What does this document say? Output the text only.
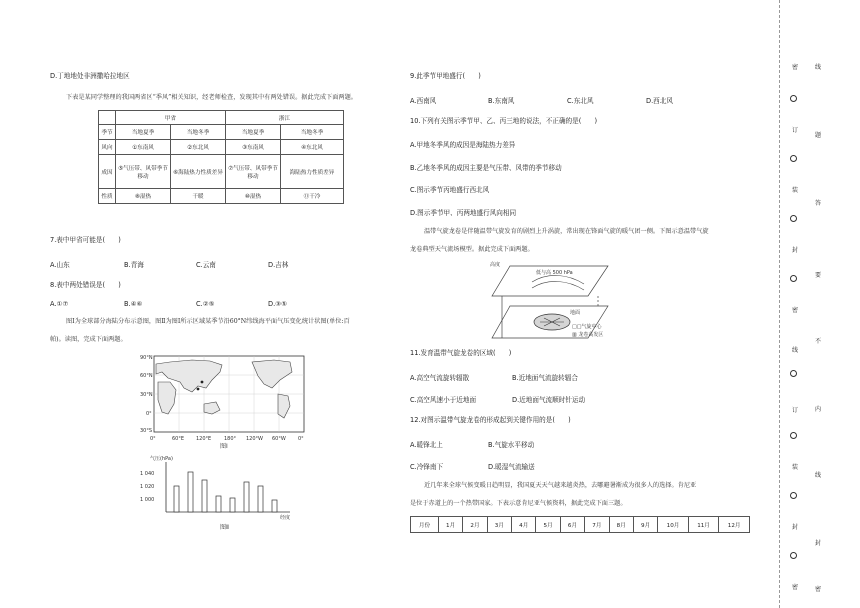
D.丁地地处非洲撒哈拉地区
下表是某同学整理的我国两省区“季风”相关知识，经老师检查，发现其中有两处错误。据此完成下面两题。
	甲省		浙江	
季节	当地夏季	当地冬季	当地夏季	当地冬季
风向	①东南风	②东北风	③东南风	④东北风
成因	⑤气压带、风带季节移动	⑥海陆热力性质差异	⑦气压带、风带季节移动	海陆热力性质差异
性质	⑧湿热	干暖	⑩湿热	⑪干冷
7.表中甲省可能是(　　)
A.山东	B.青海	C.云南	D.吉林
8.表中两处错误是(　　)
A.①⑦	B.④⑥	C.②⑤	D.③⑤
图Ⅰ为全球部分海陆分布示意图，图Ⅱ为图Ⅰ所示区域某季节沿60°N纬线海平面气压变化统计状图(单位:百
帕)。读图，完成下面两题。
90°N
60°N
30°N
0°
30°S
0°	60°E 120°E	180° 120°W 60°W 0°
图Ⅰ
气压(hPa)
1 040
1 020
1 000
经度
图Ⅱ
9.此季节甲地盛行(　　)
A.西南风	B.东南风	C.东北风	D.西北风
10.下列有关图示季节甲、乙、丙三地的说法，不正确的是(　　)
A.甲地冬季风的成因是海陆热力差异
B.乙地冬季风的成因主要是气压带、风带的季节移动
C.图示季节丙地盛行西北风
D.图示季节甲、丙两地盛行风向相同
温带气旋龙卷是伴随温带气旋发育的剧烈上升涡旋，常出现在锋面气旋的暖气团一侧。下图示意温带气旋
龙卷典型天气流场模型。据此完成下面两题。
高度
低与高 500 hPa
地面
□□气旋中心
▥ 龙卷高发区
11.发育温带气旋龙卷的区域(　　)
A.高空气流旋转辐散	B.近地面气流旋转辐合
C.高空风速小于近地面	D.近地面气流顺时针运动
12.对图示温带气旋龙卷的形成起到关键作用的是(　　)
A.暖锋北上	B.气旋水平移动
C.冷锋南下	D.暖湿气流输送
近几年来全球气候变暖日趋明显，我国夏天天气越来越炎热，去哪避暑渐成为很多人的选择。肯尼亚
是位于赤道上的一个热带国家。下表示意肯尼亚气候资料，据此完成下面三题。
月份	1月	2月	3月	4月	5月	6月	7月	8月	9月	10月	11月	12月
密
订
装
封
密
线
订
装
封
密
线
题
答
要
不
内
线
封
密
